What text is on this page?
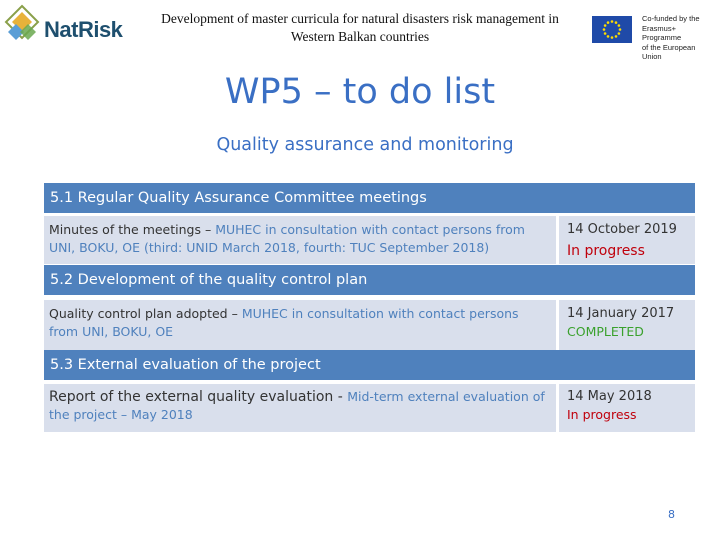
NatRisk	Development of master curricula for natural disasters risk management in
Western Balkan countries
Co-funded by the
Erasmus+ Programme
of the European Union
WP5 – to do list
Quality assurance and monitoring
5.1 Regular Quality Assurance Committee meetings
Minutes of the meetings – MUHEC in consultation with contact persons from UNI, BOKU, OE (third: UNID March 2018, fourth: TUC September 2018)
14 October 2019
In progress
5.2 Development of the quality control plan
Quality control plan adopted – MUHEC in consultation with contact persons from UNI, BOKU, OE
14 January 2017
COMPLETED
5.3 External evaluation of the project
Report of the external quality evaluation - Mid-term external evaluation of the project – May 2018
14 May 2018
In progress
8
